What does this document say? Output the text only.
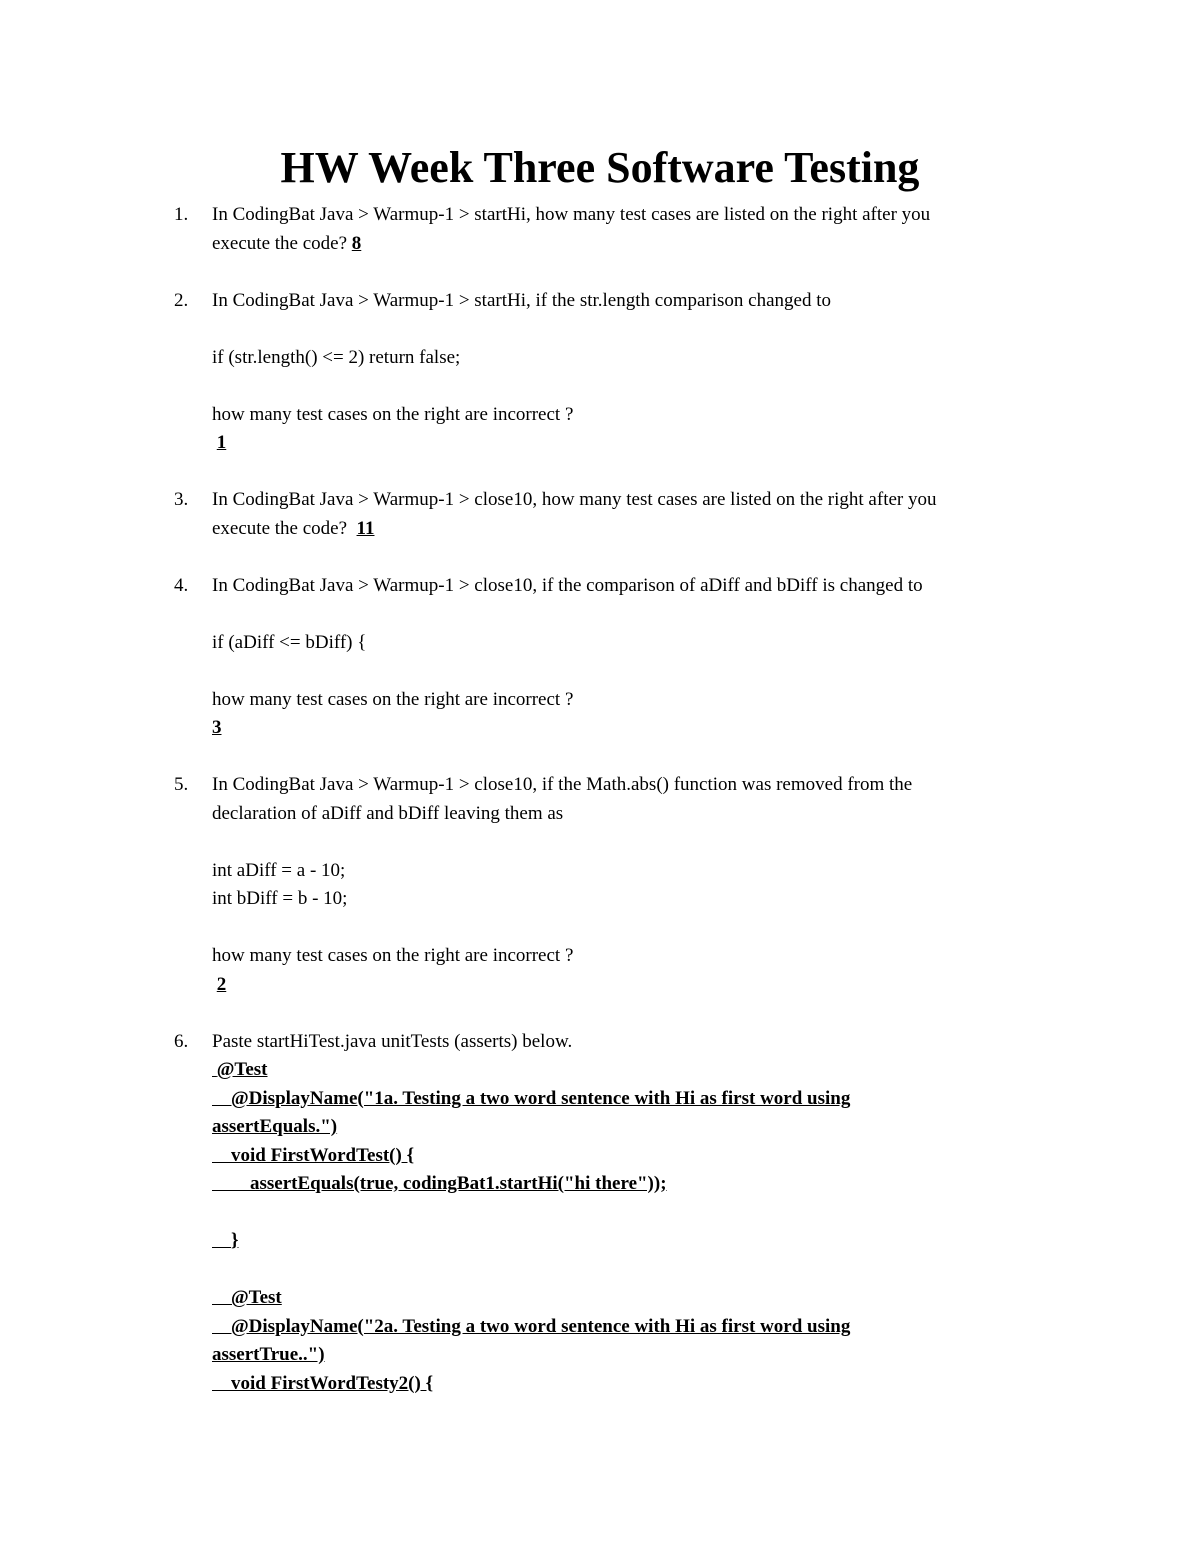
HW Week Three Software Testing
1. In CodingBat Java > Warmup-1 > startHi, how many test cases are listed on the right after you
execute the code? 8
2. In CodingBat Java > Warmup-1 > startHi, if the str.length comparison changed to
if (str.length() <= 2) return false;
how many test cases on the right are incorrect ?
1
3. In CodingBat Java > Warmup-1 > close10, how many test cases are listed on the right after you
execute the code? 11
4. In CodingBat Java > Warmup-1 > close10, if the comparison of aDiff and bDiff is changed to
if (aDiff <= bDiff) {
how many test cases on the right are incorrect ?
3
5. In CodingBat Java > Warmup-1 > close10, if the Math.abs() function was removed from the
declaration of aDiff and bDiff leaving them as
int aDiff = a - 10;
int bDiff = b - 10;
how many test cases on the right are incorrect ?
2
6. Paste startHiTest.java unitTests (asserts) below.
@Test
@DisplayName("1a. Testing a two word sentence with Hi as first word using
assertEquals.")
void FirstWordTest() {
assertEquals(true, codingBat1.startHi("hi there"));
}
@Test
@DisplayName("2a. Testing a two word sentence with Hi as first word using
assertTrue..")
void FirstWordTesty2() {
